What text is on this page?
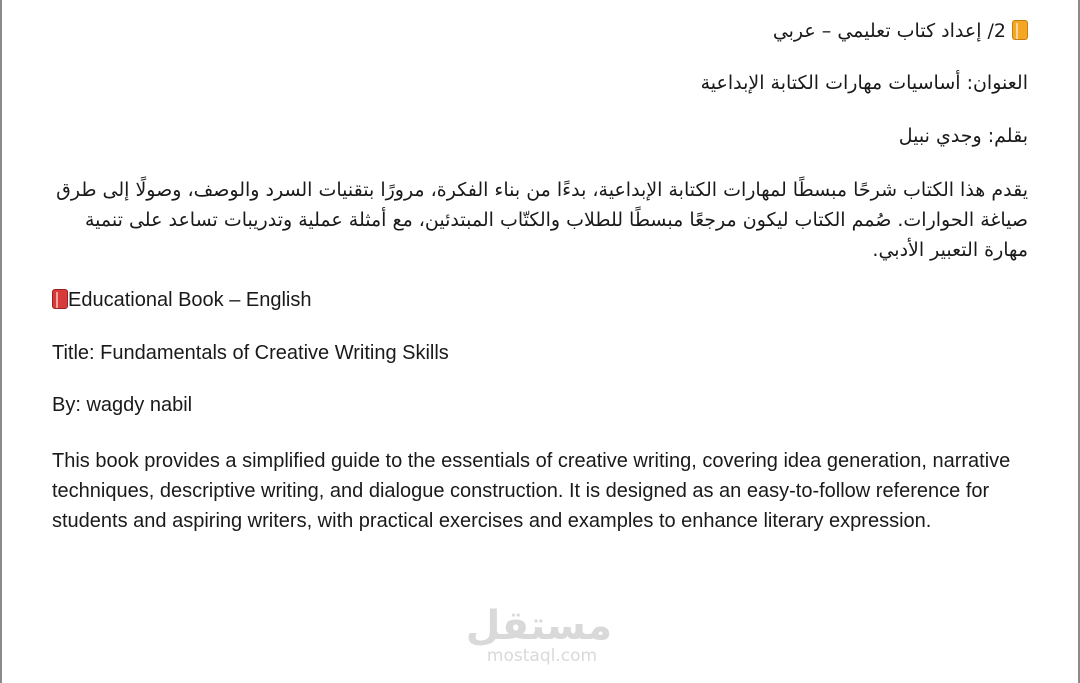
2/إعداد كتاب تعليمي – عربي
العنوان: أساسيات مهارات الكتابة الإبداعية
بقلم: وجدي نبيل
يقدم هذا الكتاب شرحًا مبسطًا لمهارات الكتابة الإبداعية، بدءًا من بناء الفكرة، مرورًا بتقنيات السرد والوصف، وصولًا إلى طرق صياغة الحوارات. صُمم الكتاب ليكون مرجعًا مبسطًا للطلاب والكتّاب المبتدئين، مع أمثلة عملية وتدريبات تساعد على تنمية مهارة التعبير الأدبي.
Educational Book – English
Title: Fundamentals of Creative Writing Skills
By: wagdy nabil
This book provides a simplified guide to the essentials of creative writing, covering idea generation, narrative techniques, descriptive writing, and dialogue construction. It is designed as an easy-to-follow reference for students and aspiring writers, with practical exercises and examples to enhance literary expression.
مستقل
mostaql.com
